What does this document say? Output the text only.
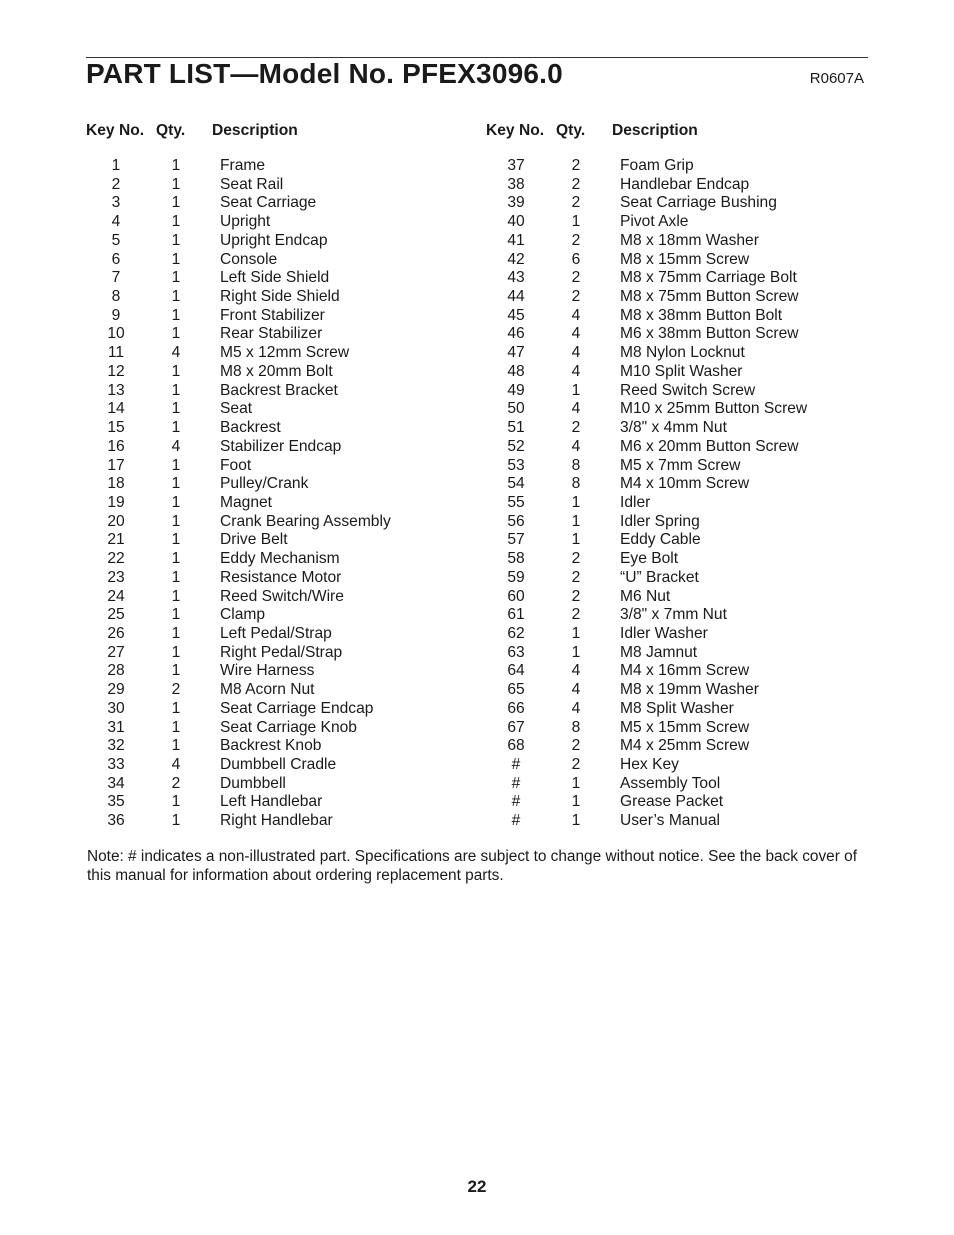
PART LIST—Model No. PFEX3096.0	R0607A
Key No. Qty.	Description
1	1	Frame
2	1	Seat Rail
3	1	Seat Carriage
4	1	Upright
5	1	Upright Endcap
6	1	Console
7	1	Left Side Shield
8	1	Right Side Shield
9	1	Front Stabilizer
10	1	Rear Stabilizer
11	4	M5 x 12mm Screw
12	1	M8 x 20mm Bolt
13	1	Backrest Bracket
14	1	Seat
15	1	Backrest
16	4	Stabilizer Endcap
17	1	Foot
18	1	Pulley/Crank
19	1	Magnet
20	1	Crank Bearing Assembly
21	1	Drive Belt
22	1	Eddy Mechanism
23	1	Resistance Motor
24	1	Reed Switch/Wire
25	1	Clamp
26	1	Left Pedal/Strap
27	1	Right Pedal/Strap
28	1	Wire Harness
29	2	M8 Acorn Nut
30	1	Seat Carriage Endcap
31	1	Seat Carriage Knob
32	1	Backrest Knob
33	4	Dumbbell Cradle
34	2	Dumbbell
35	1	Left Handlebar
36	1	Right Handlebar
Key No. Qty.	Description
37	2	Foam Grip
38	2	Handlebar Endcap
39	2	Seat Carriage Bushing
40	1	Pivot Axle
41	2	M8 x 18mm Washer
42	6	M8 x 15mm Screw
43	2	M8 x 75mm Carriage Bolt
44	2	M8 x 75mm Button Screw
45	4	M8 x 38mm Button Bolt
46	4	M6 x 38mm Button Screw
47	4	M8 Nylon Locknut
48	4	M10 Split Washer
49	1	Reed Switch Screw
50	4	M10 x 25mm Button Screw
51	2	3/8" x 4mm Nut
52	4	M6 x 20mm Button Screw
53	8	M5 x 7mm Screw
54	8	M4 x 10mm Screw
55	1	Idler
56	1	Idler Spring
57	1	Eddy Cable
58	2	Eye Bolt
59	2	“U” Bracket
60	2	M6 Nut
61	2	3/8" x 7mm Nut
62	1	Idler Washer
63	1	M8 Jamnut
64	4	M4 x 16mm Screw
65	4	M8 x 19mm Washer
66	4	M8 Split Washer
67	8	M5 x 15mm Screw
68	2	M4 x 25mm Screw
#	2	Hex Key
#	1	Assembly Tool
#	1	Grease Packet
#	1	User’s Manual
Note: # indicates a non-illustrated part. Specifications are subject to change without notice. See the back cover of this manual for information about ordering replacement parts.
22
